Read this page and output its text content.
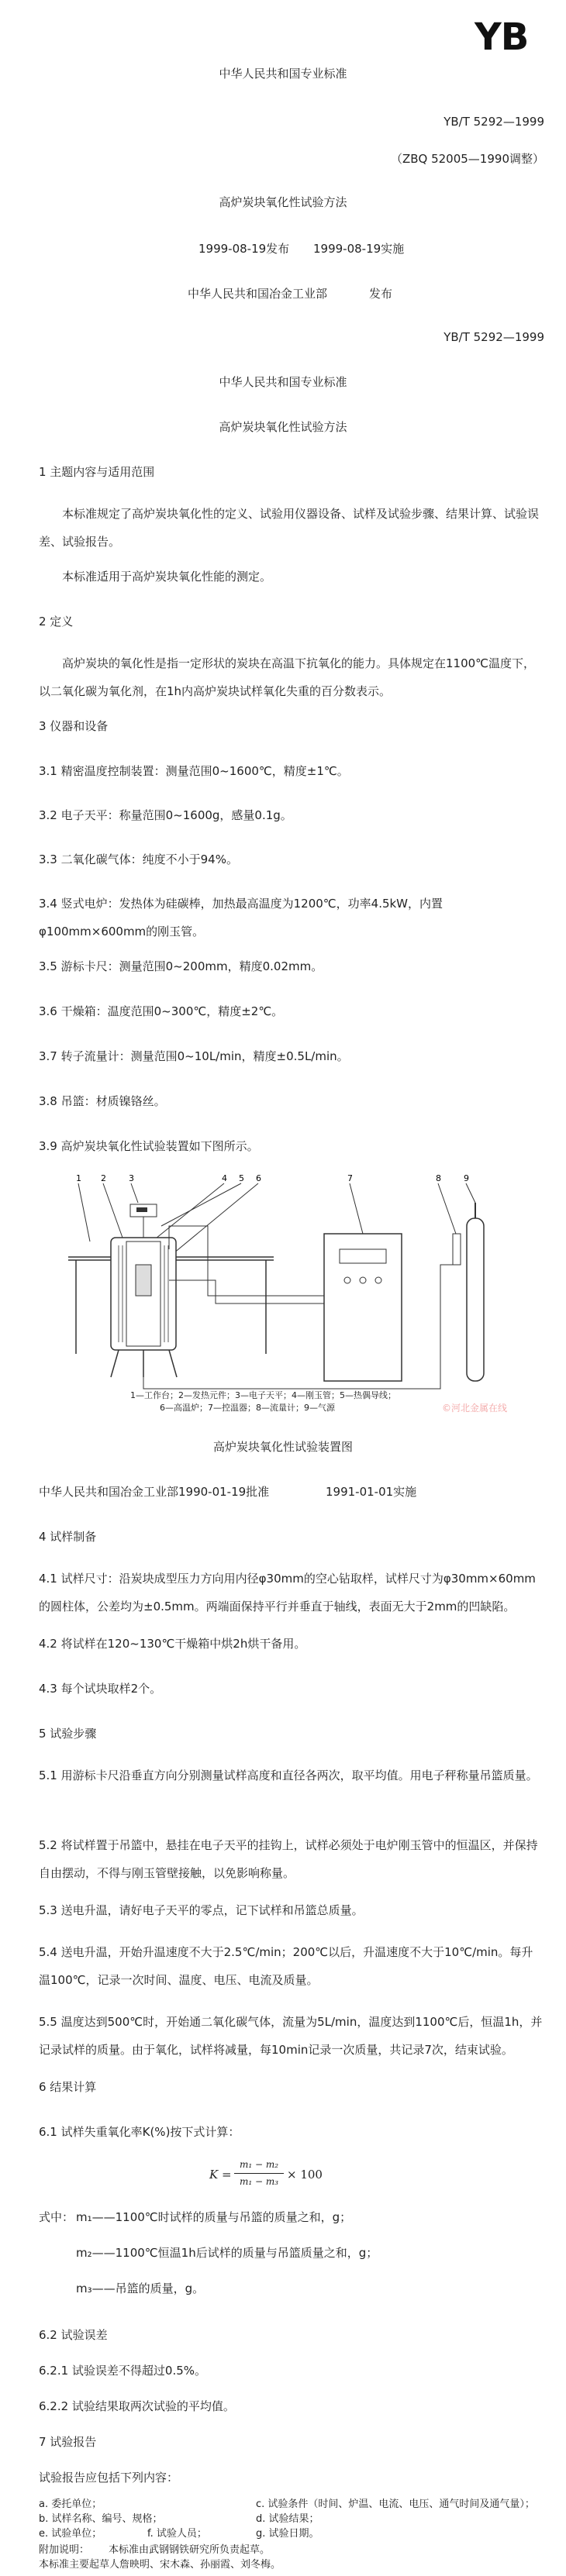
YB
中华人民共和国专业标准
YB/T 5292—1999
（ZBQ 52005—1990调整）
高炉炭块氧化性试验方法
1999-08-19发布 1999-08-19实施
中华人民共和国冶金工业部	发布
YB/T 5292—1999
中华人民共和国专业标准
高炉炭块氧化性试验方法
1 主题内容与适用范围
本标准规定了高炉炭块氧化性的定义、试验用仪器设备、试样及试验步骤、结果计算、试验误差、试验报告。
本标准适用于高炉炭块氧化性能的测定。
2 定义
高炉炭块的氧化性是指一定形状的炭块在高温下抗氧化的能力。具体规定在1100℃温度下，以二氧化碳为氧化剂，在1h内高炉炭块试样氧化失重的百分数表示。
3 仪器和设备
3.1 精密温度控制装置：测量范围0~1600℃，精度±1℃。
3.2 电子天平：称量范围0~1600g，感量0.1g。
3.3 二氧化碳气体：纯度不小于94%。
3.4 竖式电炉：发热体为硅碳棒，加热最高温度为1200℃，功率4.5kW，内置φ100mm×600mm的刚玉管。
3.5 游标卡尺：测量范围0~200mm，精度0.02mm。
3.6 干燥箱：温度范围0~300℃，精度±2℃。
3.7 转子流量计：测量范围0~10L/min，精度±0.5L/min。
3.8 吊篮：材质镍铬丝。
3.9 高炉炭块氧化性试验装置如下图所示。
1 2	3	4 5 6	7	8	9
1—工作台；2—发热元件；3—电子天平；4—刚玉管；5—热偶导线；
6—高温炉；7—控温器；8—流量计；9—气源	©河北金属在线
高炉炭块氧化性试验装置图
中华人民共和国冶金工业部1990-01-19批准	1991-01-01实施
4 试样制备
4.1 试样尺寸：沿炭块成型压力方向用内径φ30mm的空心钻取样，试样尺寸为φ30mm×60mm的圆柱体，公差均为±0.5mm。两端面保持平行并垂直于轴线，表面无大于2mm的凹缺陷。
4.2 将试样在120~130℃干燥箱中烘2h烘干备用。
4.3 每个试块取样2个。
5 试验步骤
5.1 用游标卡尺沿垂直方向分别测量试样高度和直径各两次，取平均值。用电子秤称量吊篮质量。
5.2 将试样置于吊篮中，悬挂在电子天平的挂钩上，试样必须处于电炉刚玉管中的恒温区，并保持自由摆动，不得与刚玉管壁接触，以免影响称量。
5.3 送电升温，请好电子天平的零点，记下试样和吊篮总质量。
5.4 送电升温，开始升温速度不大于2.5℃/min；200℃以后，升温速度不大于10℃/min。每升温100℃，记录一次时间、温度、电压、电流及质量。
5.5 温度达到500℃时，开始通二氧化碳气体，流量为5L/min，温度达到1100℃后，恒温1h，并记录试样的质量。由于氧化，试样将减量，每10min记录一次质量，共记录7次，结束试验。
6 结果计算
6.1 试样失重氧化率K(%)按下式计算：
K =
m₁ − m₂
m₁ − m₃ × 100
式中： m₁——1100℃时试样的质量与吊篮的质量之和，g；
m₂——1100℃恒温1h后试样的质量与吊篮质量之和，g；
m₃——吊篮的质量，g。
6.2 试验误差
6.2.1 试验误差不得超过0.5%。
6.2.2 试验结果取两次试验的平均值。
7 试验报告
试验报告应包括下列内容：
a. 委托单位；
b. 试样名称、编号、规格；
c. 试验条件（时间、炉温、电流、电压、通气时间及通气量）；
d. 试验结果；
e. 试验单位；	f. 试验人员；	g. 试验日期。
附加说明： 本标准由武钢钢铁研究所负责起草。
本标准主要起草人詹映明、宋木森、孙丽霞、刘冬梅。
